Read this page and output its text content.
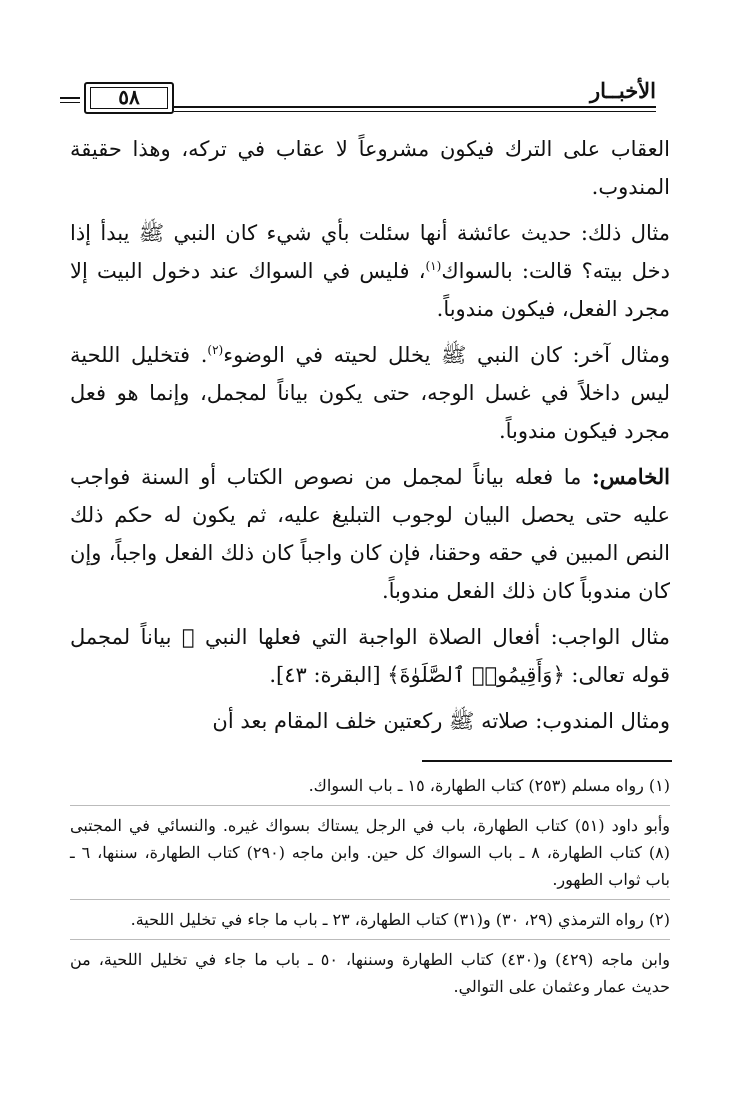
٥٨	الأخبــار

العقاب على الترك فيكون مشروعاً لا عقاب في تركه، وهذا حقيقة المندوب.

مثال ذلك: حديث عائشة أنها سئلت بأي شيء كان النبي ﷺ يبدأ إذا دخل بيته؟ قالت: بالسواك$^{(١)}$، فليس في السواك عند دخول البيت إلا مجرد الفعل، فيكون مندوباً.

ومثال آخر: كان النبي ﷺ يخلل لحيته في الوضوء$^{(٢)}$. فتخليل اللحية ليس داخلاً في غسل الوجه، حتى يكون بياناً لمجمل، وإنما هو فعل مجرد فيكون مندوباً.

الخامس: ما فعله بياناً لمجمل من نصوص الكتاب أو السنة فواجب عليه حتى يحصل البيان لوجوب التبليغ عليه، ثم يكون له حكم ذلك النص المبين في حقه وحقنا، فإن كان واجباً كان ذلك الفعل واجباً، وإن كان مندوباً كان ذلك الفعل مندوباً.

مثال الواجب: أفعال الصلاة الواجبة التي فعلها النبي ﷺ بياناً لمجمل قوله تعالى: ﴿وَأَقِيمُوا۟ ٱلصَّلَوٰةَ﴾ [البقرة: ٤٣].

ومثال المندوب: صلاته ﷺ ركعتين خلف المقام بعد أن

(١) رواه مسلم (٢٥٣) كتاب الطهارة، ١٥ ـ باب السواك.

وأبو داود (٥١) كتاب الطهارة، باب في الرجل يستاك بسواك غيره. والنسائي في المجتبى (٨) كتاب الطهارة، ٨ ـ باب السواك كل حين. وابن ماجه (٢٩٠) كتاب الطهارة، سننها، ٦ ـ باب ثواب الطهور.

(٢) رواه الترمذي (٢٩، ٣٠) و(٣١) كتاب الطهارة، ٢٣ ـ باب ما جاء في تخليل اللحية.

وابن ماجه (٤٢٩) و(٤٣٠) كتاب الطهارة وسننها، ٥٠ ـ باب ما جاء في تخليل اللحية، من حديث عمار وعثمان على التوالي.
